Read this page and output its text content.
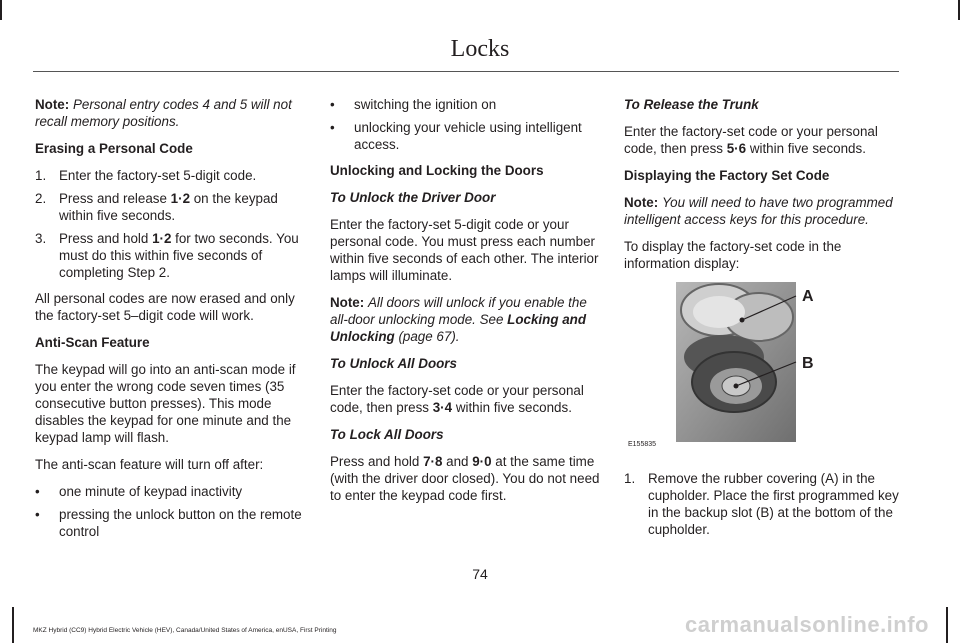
Locks

Note: Personal entry codes 4 and 5 will not recall memory positions.

Erasing a Personal Code

1. Enter the factory-set 5-digit code.
2. Press and release 1·2 on the keypad within five seconds.
3. Press and hold 1·2 for two seconds. You must do this within five seconds of completing Step 2.

All personal codes are now erased and only the factory-set 5–digit code will work.

Anti-Scan Feature

The keypad will go into an anti-scan mode if you enter the wrong code seven times (35 consecutive button presses). This mode disables the keypad for one minute and the keypad lamp will flash.

The anti-scan feature will turn off after:

• one minute of keypad inactivity
• pressing the unlock button on the remote control
• switching the ignition on
• unlocking your vehicle using intelligent access.

Unlocking and Locking the Doors

To Unlock the Driver Door

Enter the factory-set 5-digit code or your personal code. You must press each number within five seconds of each other. The interior lamps will illuminate.

Note: All doors will unlock if you enable the all-door unlocking mode. See Locking and Unlocking (page 67).

To Unlock All Doors

Enter the factory-set code or your personal code, then press 3·4 within five seconds.

To Lock All Doors

Press and hold 7·8 and 9·0 at the same time (with the driver door closed). You do not need to enter the keypad code first.

To Release the Trunk

Enter the factory-set code or your personal code, then press 5·6 within five seconds.

Displaying the Factory Set Code

Note: You will need to have two programmed intelligent access keys for this procedure.

To display the factory-set code in the information display:

A
B
E155835
1. Remove the rubber covering (A) in the cupholder. Place the first programmed key in the backup slot (B) at the bottom of the cupholder.
74
MKZ Hybrid (CC9) Hybrid Electric Vehicle (HEV), Canada/United States of America, enUSA, First Printing	carmanualsonline.info
